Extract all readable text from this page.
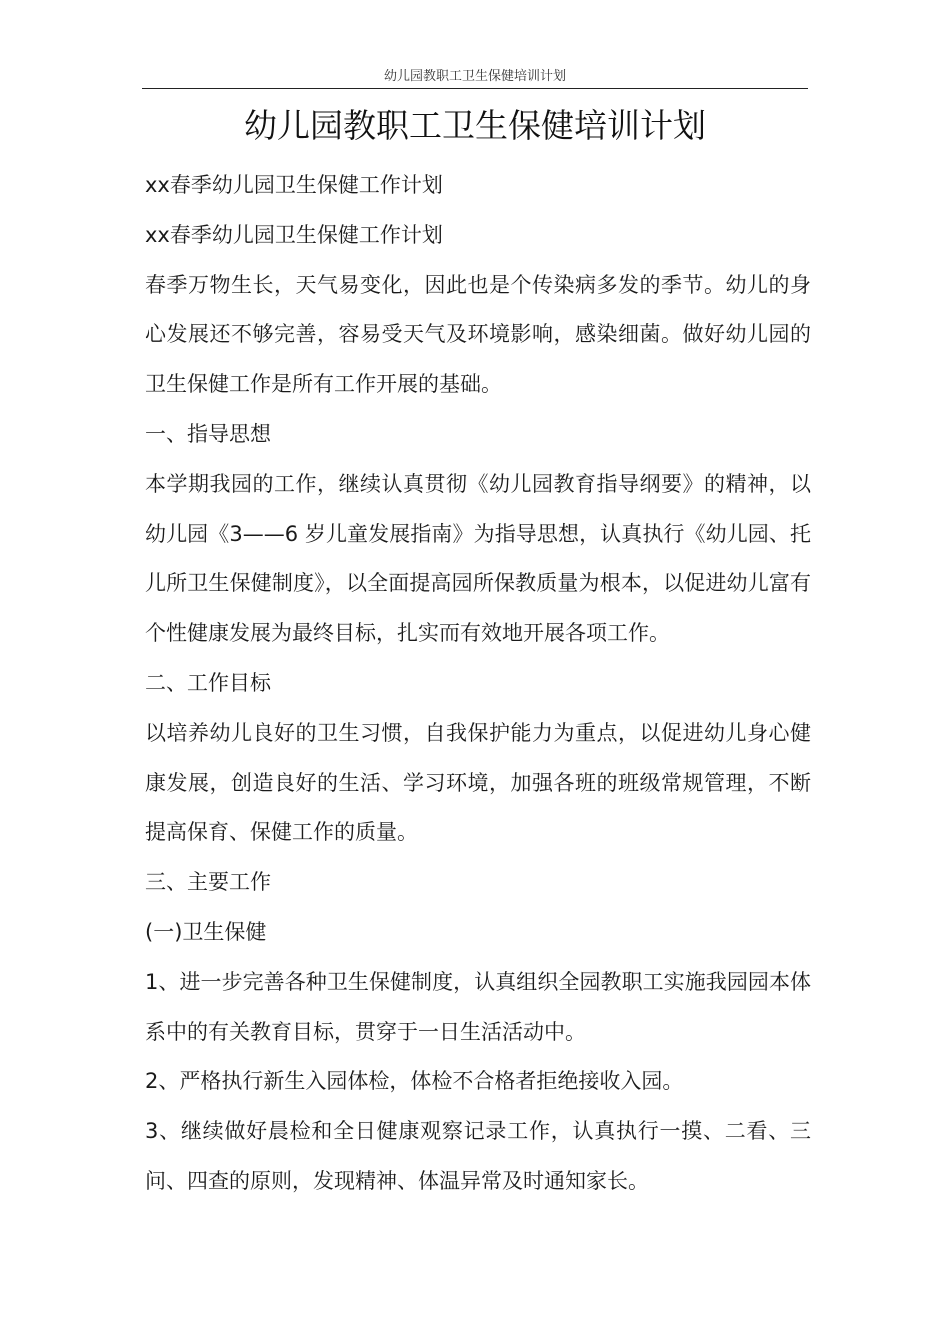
幼儿园教职工卫生保健培训计划
幼儿园教职工卫生保健培训计划

xx春季幼儿园卫生保健工作计划

xx春季幼儿园卫生保健工作计划

春季万物生长，天气易变化，因此也是个传染病多发的季节。幼儿的身心发展还不够完善，容易受天气及环境影响，感染细菌。做好幼儿园的卫生保健工作是所有工作开展的基础。

一、指导思想

本学期我园的工作，继续认真贯彻《幼儿园教育指导纲要》的精神，以幼儿园《3——6 岁儿童发展指南》为指导思想，认真执行《幼儿园、托儿所卫生保健制度》，以全面提高园所保教质量为根本，以促进幼儿富有个性健康发展为最终目标，扎实而有效地开展各项工作。

二、工作目标

以培养幼儿良好的卫生习惯，自我保护能力为重点，以促进幼儿身心健康发展，创造良好的生活、学习环境，加强各班的班级常规管理，不断提高保育、保健工作的质量。

三、主要工作

(一)卫生保健

1、进一步完善各种卫生保健制度，认真组织全园教职工实施我园园本体系中的有关教育目标，贯穿于一日生活活动中。

2、严格执行新生入园体检，体检不合格者拒绝接收入园。

3、继续做好晨检和全日健康观察记录工作，认真执行一摸、二看、三问、四查的原则，发现精神、体温异常及时通知家长。
